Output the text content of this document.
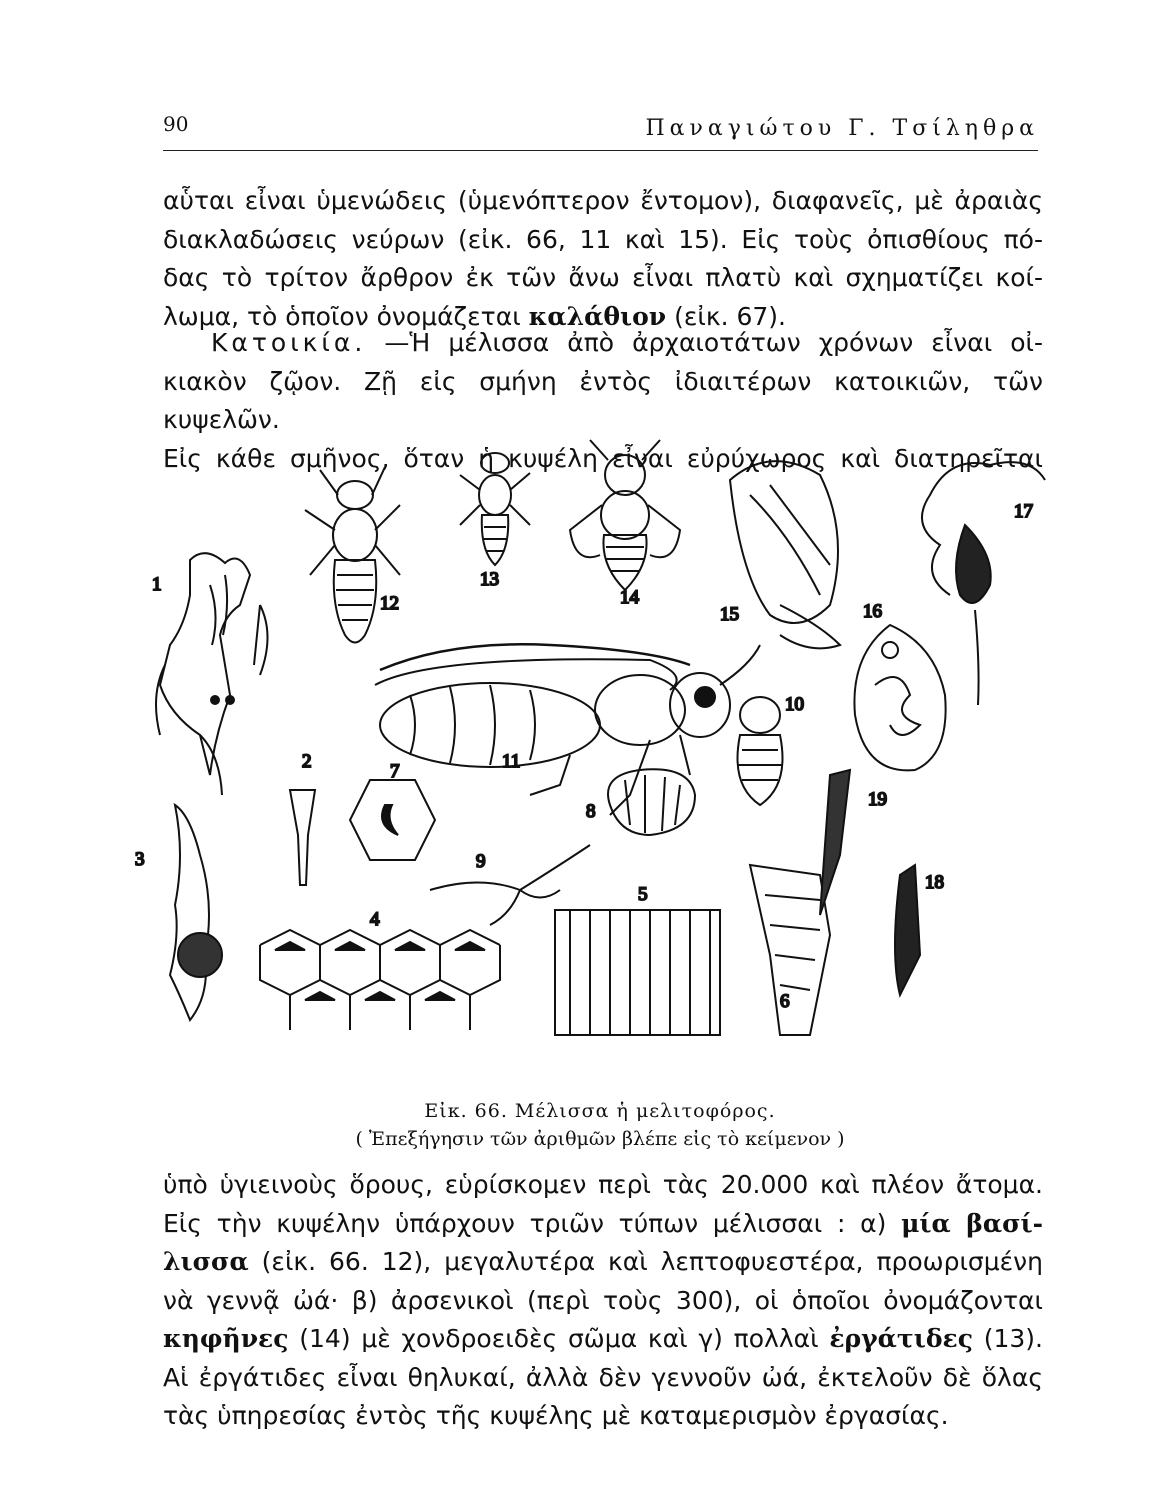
90	Παναγιώτου Γ. Τσίληθρα
αὗται εἶναι ὑμενώδεις (ὑμενόπτερον ἔντομον), διαφανεῖς, μὲ ἀραιὰς
διακλαδώσεις νεύρων (εἰκ. 66, 11 καὶ 15). Εἰς τοὺς ὀπισθίους πό-
δας τὸ τρίτον ἄρθρον ἐκ τῶν ἄνω εἶναι πλατὺ καὶ σχηματίζει κοί-
λωμα, τὸ ὁποῖον ὀνομάζεται καλάθιον (εἰκ. 67).
Κατοικία. —Ἡ μέλισσα ἀπὸ ἀρχαιοτάτων χρόνων εἶναι οἰ-
κιακὸν ζῷον. Ζῇ εἰς σμήνη ἐντὸς ἰδιαιτέρων κατοικιῶν, τῶν κυψελῶν.
Εἰς κάθε σμῆνος, ὅταν ἡ κυψέλη εἶναι εὐρύχωρος καὶ διατηρεῖται
1
2
3
4
5
6
7
8
9
10
11
12
13
14
15	16
17
18
19
Εἰκ. 66. Μέλισσα ἡ μελιτοφόρος.
( Ἐπεξήγησιν τῶν ἀριθμῶν βλέπε εἰς τὸ κείμενον )
ὑπὸ ὑγιεινοὺς ὅρους, εὑρίσκομεν περὶ τὰς 20.000 καὶ πλέον ἄτομα.
Εἰς τὴν κυψέλην ὑπάρχουν τριῶν τύπων μέλισσαι : α) μία βασί-
λισσα (εἰκ. 66. 12), μεγαλυτέρα καὶ λεπτοφυεστέρα, προωρισμένη
νὰ γεννᾷ ὠά· β) ἀρσενικοὶ (περὶ τοὺς 300), οἱ ὁποῖοι ὀνομάζονται
κηφῆνες (14) μὲ χονδροειδὲς σῶμα καὶ γ) πολλαὶ ἐργάτιδες (13).
Αἱ ἐργάτιδες εἶναι θηλυκαί, ἀλλὰ δὲν γεννοῦν ὠά, ἐκτελοῦν δὲ ὅλας
τὰς ὑπηρεσίας ἐντὸς τῆς κυψέλης μὲ καταμερισμὸν ἐργασίας.
